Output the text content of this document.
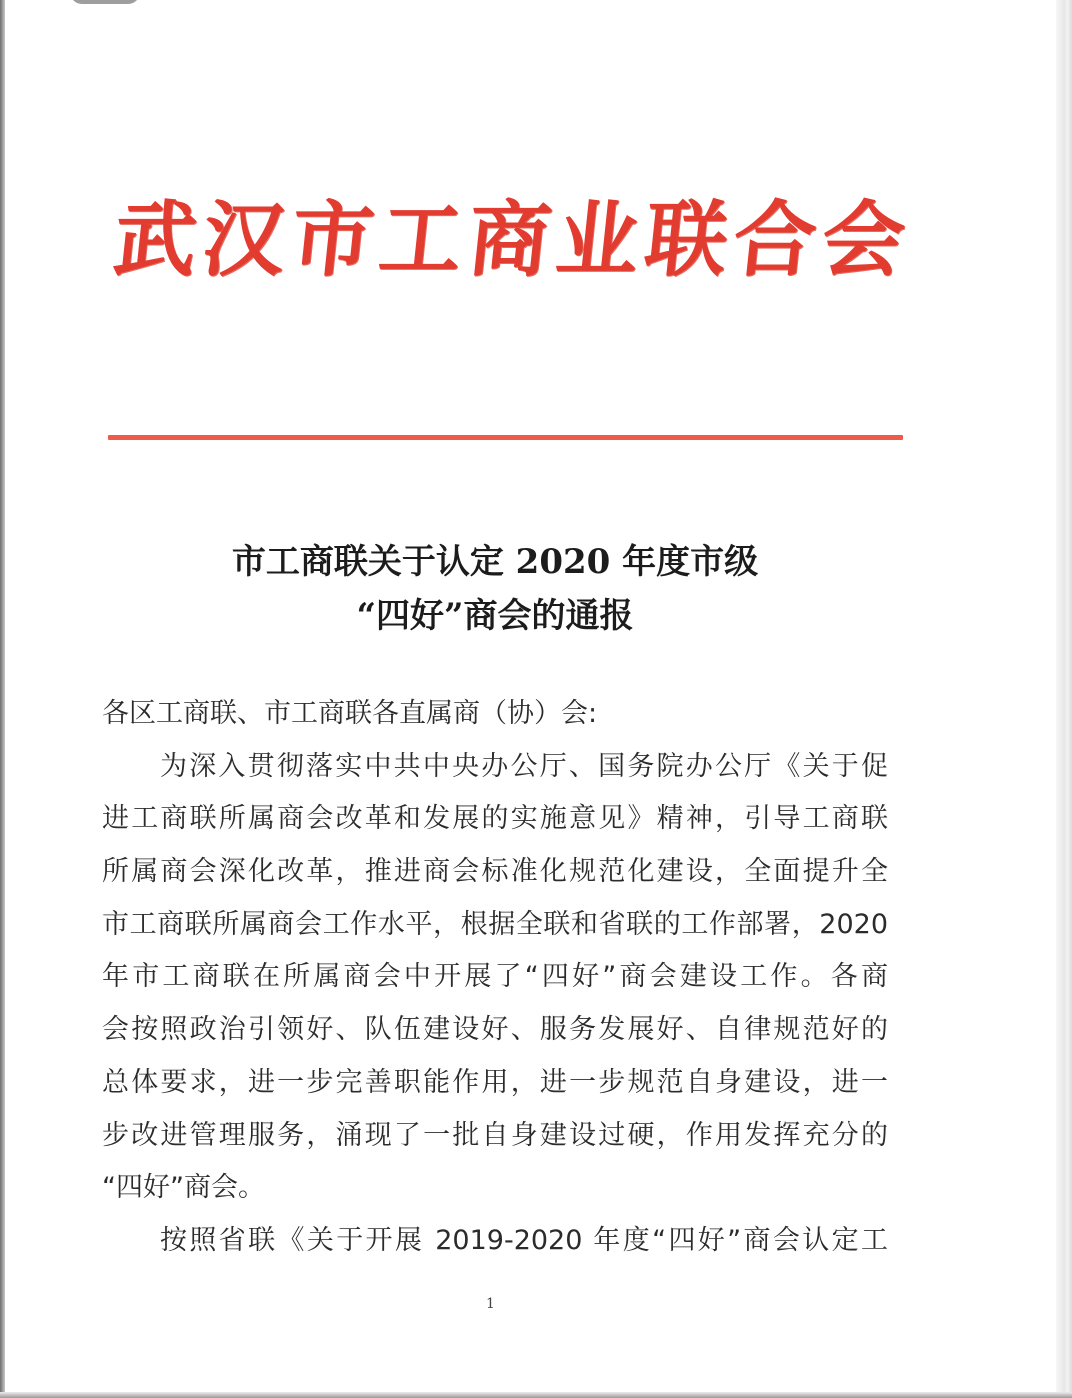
武
汉
市
工
商
业
联
合
会
市工商联关于认定 2020 年度市级
“四好”商会的通报
各区工商联、市工商联各直属商（协）会:
为深入贯彻落实中共中央办公厅、国务院办公厅《关于促
进工商联所属商会改革和发展的实施意见》精神，引导工商联
所属商会深化改革，推进商会标准化规范化建设，全面提升全
市工商联所属商会工作水平，根据全联和省联的工作部署，2020
年市工商联在所属商会中开展了“四好”商会建设工作。各商
会按照政治引领好、队伍建设好、服务发展好、自律规范好的
总体要求，进一步完善职能作用，进一步规范自身建设，进一
步改进管理服务，涌现了一批自身建设过硬，作用发挥充分的
“四好”商会。
按照省联《关于开展 2019-2020 年度“四好”商会认定工
1
